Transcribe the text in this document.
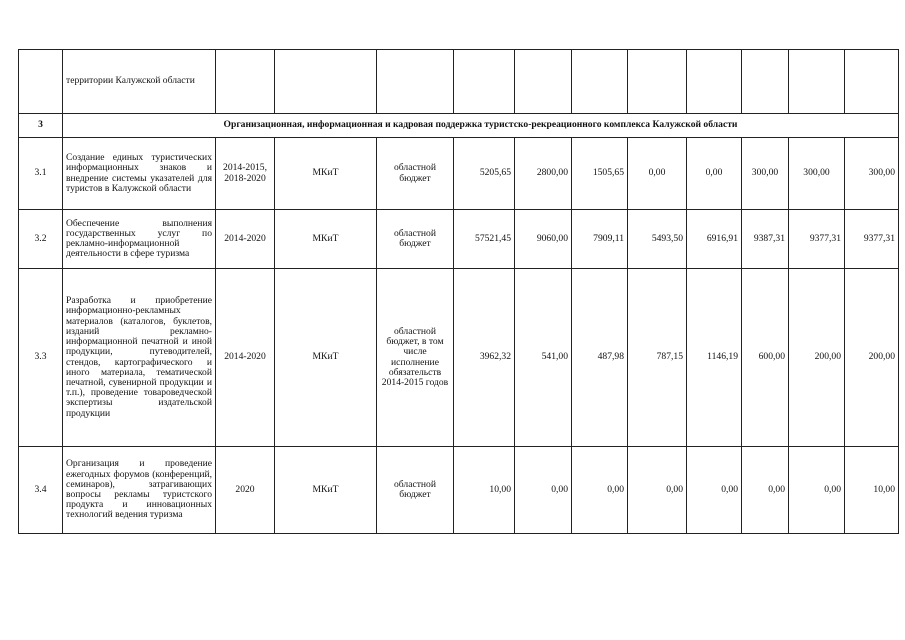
	территории Калужской области											
3	Организационная, информационная и кадровая поддержка туристско-рекреационного комплекса Калужской области											
3.1	Создание единых туристических информационных знаков и внедрение системы указателей для туристов в Калужской области	2014-2015, 2018-2020	МКиТ	областной бюджет	5205,65	2800,00	1505,65	0,00	0,00	300,00	300,00	300,00
3.2	Обеспечение выполнения государственных услуг по рекламно-информационной деятельности в сфере туризма	2014-2020	МКиТ	областной бюджет	57521,45	9060,00	7909,11	5493,50	6916,91	9387,31	9377,31	9377,31
3.3	Разработка и приобретение информационно-рекламных материалов (каталогов, буклетов, изданий рекламно-информационной печатной и иной продукции, путеводителей, стендов, картографического и иного материала, тематической печатной, сувенирной продукции и т.п.), проведение товароведческой экспертизы издательской продукции	2014-2020	МКиТ	областной бюджет, в том числе исполнение обязательств 2014-2015 годов	3962,32	541,00	487,98	787,15	1146,19	600,00	200,00	200,00
3.4	Организация и проведение ежегодных форумов (конференций, семинаров), затрагивающих вопросы рекламы туристского продукта и инновационных технологий ведения туризма	2020	МКиТ	областной бюджет	10,00	0,00	0,00	0,00	0,00	0,00	0,00	10,00
